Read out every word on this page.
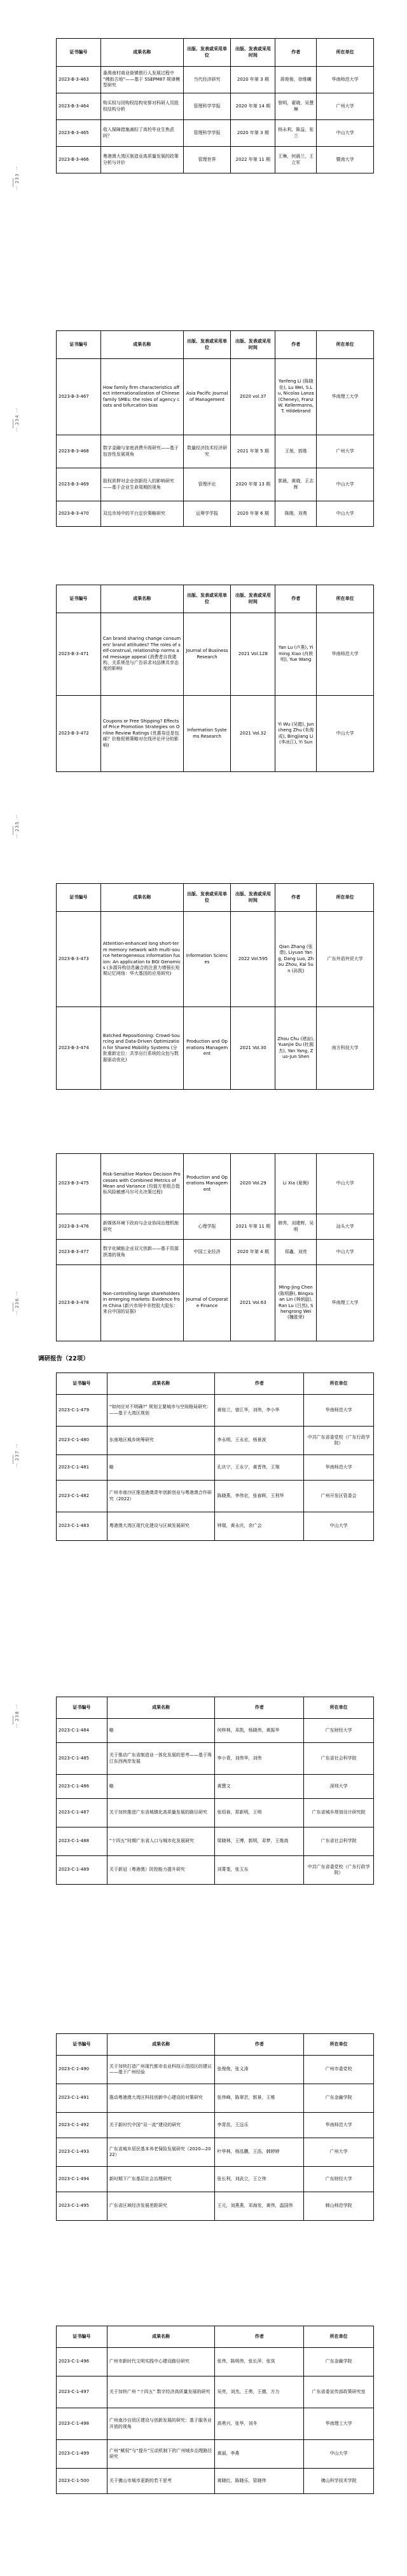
一 233 一
一 234 一
一 235 一
一 236 一
一 237 一
一 238 一
证书编号	成果名称	出版、发表或采用单位	出版、发表或采用时间	作者	所在单位
2023-B-3-463	番禺南村商业街镇银行人发展过程中 “佛街古地”——基于 SSEPM87 规律模型研究	当代经济研究	2020 年第 3 期	蒋俊俊，徐维曦	华南师范大学
2023-B-3-464	购买权与回购权结构安排对科研人员股权结构分析	管理科学学报	2020 年第 14 期	曾明，翟晓，吴慧琳	广州大学
2023-B-3-465	收入保障措施减轻了高校毕业生焦虑吗？	管理科学学报	2020 年第 3 期	杨永利，陈益，张兰	中山大学
2023-B-3-466	粤港澳大湾区制造业高质量发展的政策分析与评价	管理世界	2022 年第 11 期	王琳，何晨兰，王立军	暨南大学
证书编号	成果名称	出版、发表或采用单位	出版、发表或采用时间	作者	所在单位
2023-B-3-467	How family firm characteristics affect internationalization of Chinese family SMEs: the roles of agency costs and bifurcation bias	Asia Pacific Journal of Management	2020 vol.37	Yanfeng Li (陈晓伦), Lu Wei, S.Lu, Nicolas Lanza (Cheney), Franz W. Kellermanns, T. Hildebrand	华南理工大学
2023-B-3-468	数字金融与家庭消费升级研究——基于包容性发展视角	数量经济技术经济研究	2021 年第 5 期	王旭，郭维	广州大学
2023-B-3-469	股权质押对企业创新投入的影响研究——基于企业生命周期的视角	管理评论	2020 年第 13 期	郭晨，黄晓，王志辉	中山大学
2023-B-3-470	双边市场中的平台定价策略研究	运筹学学报	2020 年第 6 期	陈刚，刘勇	中山大学
证书编号	成果名称	出版、发表或采用单位	出版、发表或采用时间	作者	所在单位
2023-B-3-471	Can brand sharing change consumers' brand attitudes? The roles of self-construal, relationship norms and message appeal (消费者自我建构、关系规范与广告诉求对品牌共享态度的影响)	Journal of Business Research	2021 Vol.128	Yan Lu (卢燕), Yiming Xiao (肖轶明), Yue Wang	华南师范大学
2023-B-3-472	Coupons or Free Shipping? Effects of Price Promotion Strategies on Online Review Ratings (优惠券还是包邮？价格促销策略对在线评论评分的影响)	Information Systems Research	2021 Vol.32	Yi Wu (吴懿), Juncheng Zhu (朱俊成), Bingjiang Li (李冰江), Yi Sun	中山大学
证书编号	成果名称	出版、发表或采用单位	出版、发表或采用时间	作者	所在单位
2023-B-3-473	Attention-enhanced long short-term memory network with multi-source heterogeneous information fusion: An application to BGI Genomics (多源异构信息融合的注意力增强长短期记忆网络：华大基因的应用研究)	Information Sciences	2022 Vol.595	Qian Zhang (张倩), Liyuan Yang, Dang Luo, Zhou Zhou, Kai Sun (孙凯)	广东外语外贸大学
2023-B-3-474	Batched Repositioning: Crowd-Sourcing and Data-Driven Optimization for Shared Mobility Systems (分批重新定位：共享出行系统的众包与数据驱动优化)	Production and Operations Management	2021 Vol.30	Zhou Chu (褚宙), Yuanjie Du (杜圆杰), Yan Yang, Zuo-Jun Shen	南方科技大学

2023-B-3-475	Risk-Sensitive Markov Decision Processes with Combined Metrics of Mean and Variance (均值方差组合指标风险敏感马尔可夫决策过程)	Production and Operations Management	2020 Vol.29	Li Xia (夏俐)	中山大学
2023-B-3-476	新媒体环境下政府与企业协同治理机制研究	心理学报	2021 年第 11 期	韩秀，刘建辉，吴明	汕头大学
2023-B-3-477	数字化赋能企业双元创新——基于资源拼凑的视角	中国工业经济	2020 年第 4 期	郑鑫，刘亮	中山大学
2023-B-3-478	Non-controlling large shareholders in emerging markets: Evidence from China (新兴市场中非控股大股东：来自中国的证据)	Journal of Corporate Finance	2021 Vol.63	Ming-Jing Chen (陈明静), Bingxuan Lin (林炳旋), Ran Lu (吕然), Shengrong Wei (魏胜荣)	华南理工大学
调研报告（22项）
证书编号	成果名称	作者	所在单位
2023-C-1-479	“如何应对不明确?” 规划主要城市与空间格局研究：——基于大湾区规划	黄桂兰，曾江华，刘伟，李小华	华南师范大学
2023-C-1-480	东南地区城乡统筹研究	李永明，王永宏，杨景波	中共广东省委党校（广东行政学院）
2023-C-1-481	略	孔庆宁，王永宁，黄晋伟，王翔	华南师范大学
2023-C-1-482	广州市南沙区推进港澳青年创新创业与粤港澳合作研究（2022）	陈晓燕，李伟宏，张春晖，王利华	广州开发区管委会
2023-C-1-483	粤港澳大湾区现代化建设与区域发展研究	钟瑞，黄永庆，余广会	中山大学
证书编号	成果名称	作者	所在单位
2023-C-1-484	略	何梓林，邓凯，杨晓伟，黄振华	广东财经大学
2023-C-1-485	关于推动广东省制造业一体化发展的思考——基于珠江东西两岸发展	李小青，刘伟华，刘伟	广东省社会科学院
2023-C-1-486	略	黄慧文	深圳大学
2023-C-1-487	关于加快推进广东省城镇化高质量发展的路径研究	张绍春，郑新明，王明	广东省城乡规划设计研究院
2023-C-1-488	“十四五”时期广东省人口与城市化发展研究	梁晓林，王博，郭明，邓梦，王维高	广东省社会科学院
2023-C-1-489	关于新冠（粤港澳）防控能力提升研究	刘菁斐，张玉东	中共广东省委党校（广东行政学院）
证书编号	成果名称	作者	所在单位
2023-C-1-490	关于加快打造广州现代都市农业科技示范园区的建议——基于广州经验	张俊俊，张义涛	广州市委党校
2023-C-1-491	推动粤港澳大湾区科技创新中心建设的对策研究	张伟峰，陈翠芸，郭景，王维	广东金融学院
2023-C-1-492	关于新时代中国“双一流”建设的研究	李青苗，王远乐	华南师范大学
2023-C-1-493	广东省城乡居民基本养老保险发展研究（2020—2022）	叶华林，杨泓鹏，王浩，韩婷婷	广州大学
2023-C-1-494	新时期下广东基层社会治理研究	张长利，刘武立，王立伟	广东财经大学
2023-C-1-495	广东省区域经济发展差距研究	王元，刘燕燕，邓海发，黄伟，温国伟	韩山师范学院
证书编号	成果名称	作者	所在单位
2023-C-1-496	广州市新时代文明实践中心建设路径研究	张伟，陈明伟，张长萍，张岚	广东金融学院
2023-C-1-497	关于加快广州 “十四五” 数字经济高质量发展的研究	吴亮，刘杰，王勇，王德，方力	广东省委宣传部政策研究室
2023-C-1-498	广州南沙自贸区建设与创新发展的研究：基于服务业开放的视角	高勇兴，张华，刘冬	华南理工大学
2023-C-1-499	广州“赋权”与“提升”互动机制下的广州城乡治理路径研究	黄丽，李燕	中山大学
2023-C-1-500	关于佛山市城市更新的若干思考	黄晓红，陈晓乐，管晓伟	佛山科学技术学院
